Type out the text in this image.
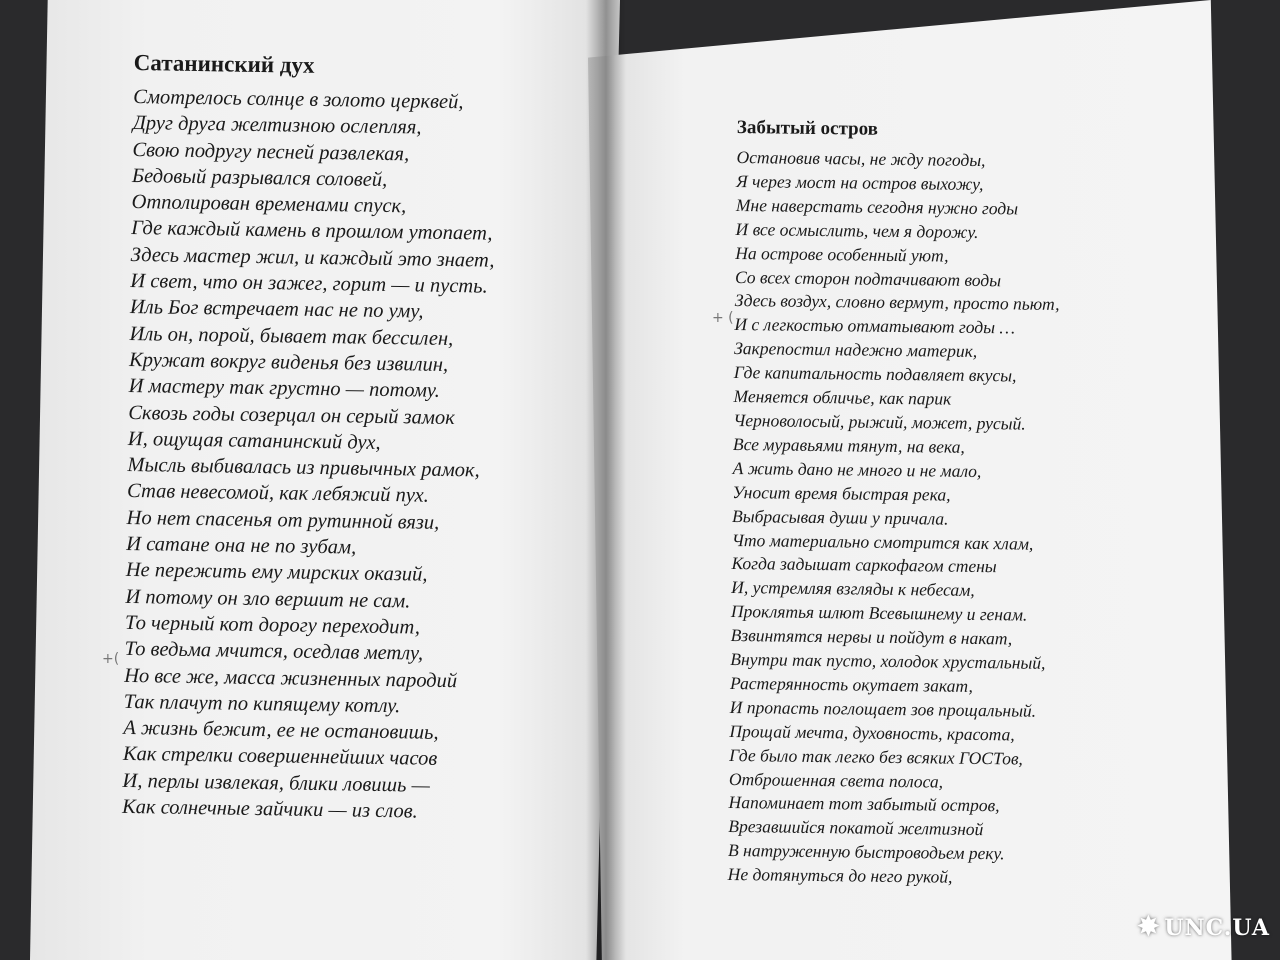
Сатанинский дух
Смотрелось солнце в золото церквей,
Друг друга желтизною ослепляя,
Свою подругу песней развлекая,
Бедовый разрывался соловей,
Отполирован временами спуск,
Где каждый камень в прошлом утопает,
Здесь мастер жил, и каждый это знает,
И свет, что он зажег, горит — и пусть.
Иль Бог встречает нас не по уму,
Иль он, порой, бывает так бессилен,
Кружат вокруг виденья без извилин,
И мастеру так грустно — потому.
Сквозь годы созерцал он серый замок
И, ощущая сатанинский дух,
Мысль выбивалась из привычных рамок,
Став невесомой, как лебяжий пух.
Но нет спасенья от рутинной вязи,
И сатане она не по зубам,
Не пережить ему мирских оказий,
И потому он зло вершит не сам.
То черный кот дорогу переходит,
То ведьма мчится, оседлав метлу,
Но все же, масса жизненных пародий
Так плачут по кипящему котлу.
А жизнь бежит, ее не остановишь,
Как стрелки совершеннейших часов
И, перлы извлекая, блики ловишь —
Как солнечные зайчики — из слов.
Забытый остров
Остановив часы, не жду погоды,
Я через мост на остров выхожу,
Мне наверстать сегодня нужно годы
И все осмыслить, чем я дорожу.
На острове особенный уют,
Со всех сторон подтачивают воды
Здесь воздух, словно вермут, просто пьют,
И с легкостью отматывают годы …
Закрепостил надежно материк,
Где капитальность подавляет вкусы,
Меняется обличье, как парик
Черноволосый, рыжий, может, русый.
Все муравьями тянут, на века,
А жить дано не много и не мало,
Уносит время быстрая река,
Выбрасывая души у причала.
Что материально смотрится как хлам,
Когда задышат саркофагом стены
И, устремляя взгляды к небесам,
Проклятья шлют Всевышнему и генам.
Взвинтятся нервы и пойдут в накат,
Внутри так пусто, холодок хрустальный,
Растерянность окутает закат,
И пропасть поглощает зов прощальный.
Прощай мечта, духовность, красота,
Где было так легко без всяких ГОСТов,
Отброшенная света полоса,
Напоминает тот забытый остров,
Врезавшийся покатой желтизной
В натруженную быстроводьем реку.
Не дотянуться до него рукой,
+(
+ (
✸ UNC.UA
